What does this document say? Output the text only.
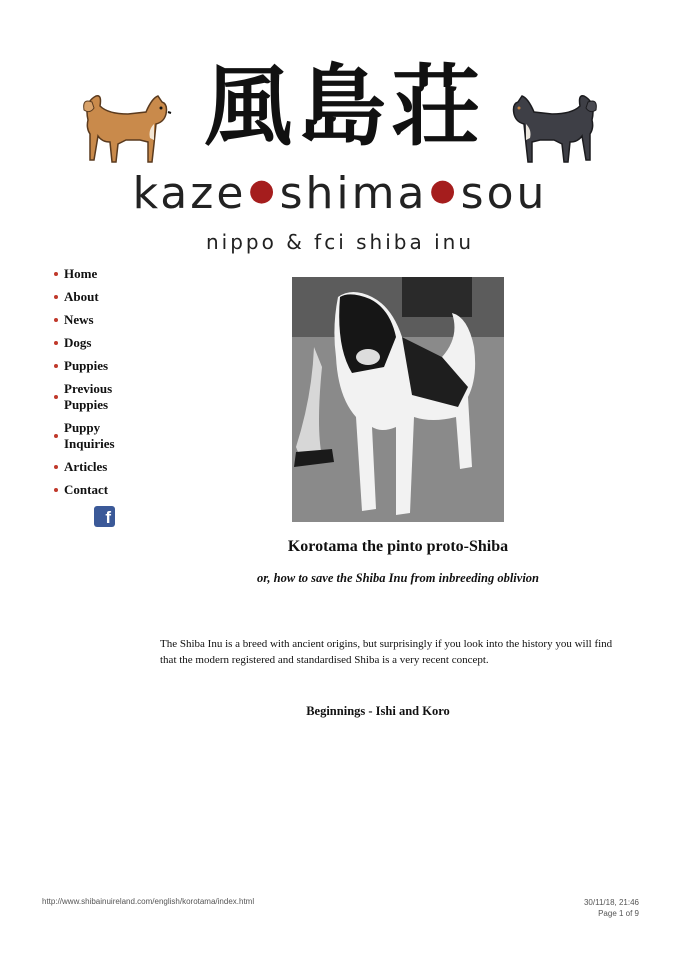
風島荘
kaze●shima●sou
nippo & fci shiba inu
Home
About
News
Dogs
Puppies
Previous Puppies
Puppy Inquiries
Articles
Contact
f
Korotama the pinto proto-Shiba
or, how to save the Shiba Inu from inbreeding oblivion
The Shiba Inu is a breed with ancient origins, but surprisingly if you look into the history you will find that the modern registered and standardised Shiba is a very recent concept.
Beginnings - Ishi and Koro
http://www.shibainuireland.com/english/korotama/index.html	30/11/18, 21:46
Page 1 of 9
